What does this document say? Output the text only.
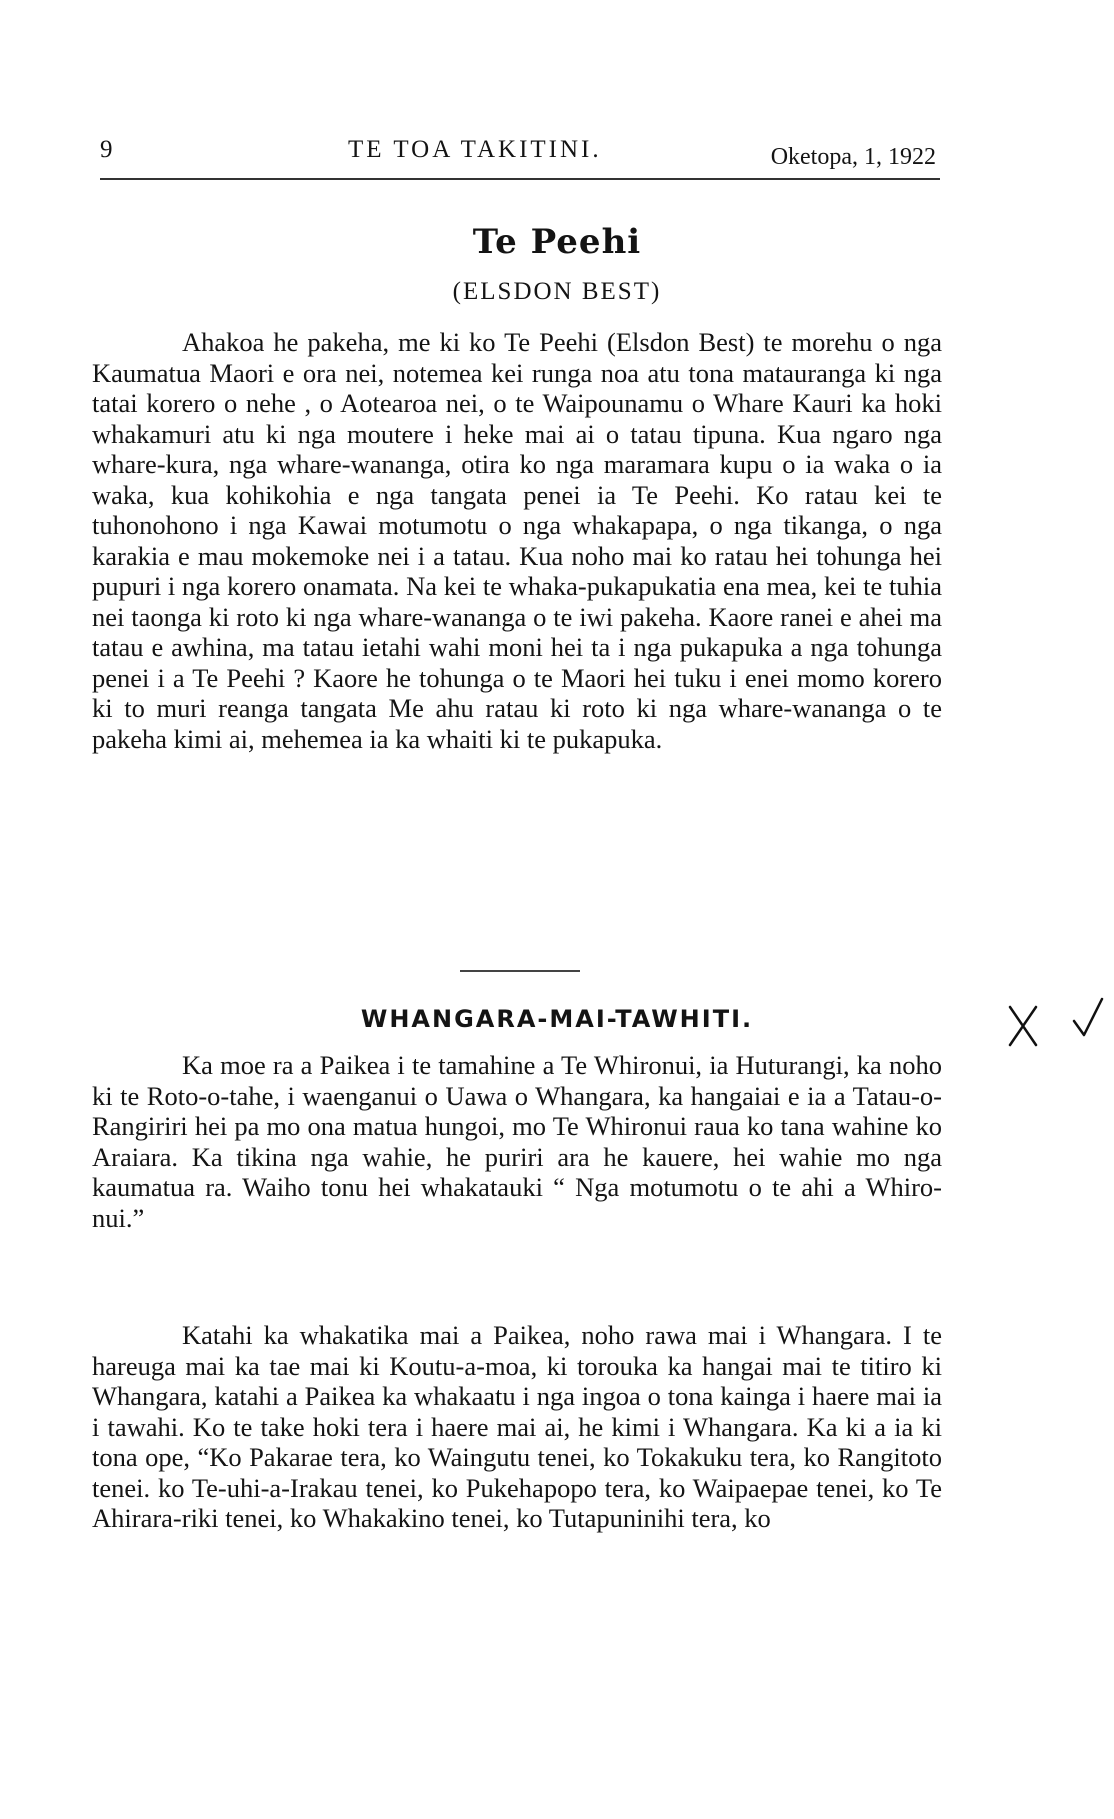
9	TE TOA TAKITINI.	Oketopa, 1, 1922
Te Peehi
(ELSDON BEST)

Ahakoa he pakeha, me ki ko Te Peehi (Elsdon Best) te morehu o nga Kaumatua Maori e ora nei, notemea kei runga noa atu tona matauranga ki nga tatai korero o nehe , o Aotearoa nei, o te Waipounamu o Whare Kauri ka hoki whakamuri atu ki nga moutere i heke mai ai o tatau tipuna. Kua ngaro nga whare-kura, nga whare-wananga, otira ko nga maramara kupu o ia waka o ia waka, kua kohikohia e nga tangata penei ia Te Peehi. Ko ratau kei te tuhonohono i nga Kawai motumotu o nga whakapapa, o nga tikanga, o nga karakia e mau mokemoke nei i a tatau. Kua noho mai ko ratau hei tohunga hei pupuri i nga korero onamata. Na kei te whaka-pukapukatia ena mea, kei te tuhia nei taonga ki roto ki nga whare-wananga o te iwi pakeha. Kaore ranei e ahei ma tatau e awhina, ma tatau ietahi wahi moni hei ta i nga pukapuka a nga tohunga penei i a Te Peehi ? Kaore he tohunga o te Maori hei tuku i enei momo korero ki to muri reanga tangata Me ahu ratau ki roto ki nga whare-wananga o te pakeha kimi ai, mehemea ia ka whaiti ki te pukapuka.

WHANGARA-MAI-TAWHITI.

Ka moe ra a Paikea i te tamahine a Te Whironui, ia Huturangi, ka noho ki te Roto-o-tahe, i waenganui o Uawa o Whangara, ka hangaiai e ia a Tatau-o-Rangiriri hei pa mo ona matua hungoi, mo Te Whironui raua ko tana wahine ko Araiara. Ka tikina nga wahie, he puriri ara he kauere, hei wahie mo nga kaumatua ra. Waiho tonu hei whakatauki “ Nga motumotu o te ahi a Whiro-nui.”

Katahi ka whakatika mai a Paikea, noho rawa mai i Whangara. I te hareuga mai ka tae mai ki Koutu-a-moa, ki torouka ka hangai mai te titiro ki Whangara, katahi a Paikea ka whakaatu i nga ingoa o tona kainga i haere mai ia i tawahi. Ko te take hoki tera i haere mai ai, he kimi i Whangara. Ka ki a ia ki tona ope, “Ko Pakarae tera, ko Waingutu tenei, ko Tokakuku tera, ko Rangitoto tenei. ko Te-uhi-a-Irakau tenei, ko Pukehapopo tera, ko Waipaepae tenei, ko Te Ahirara-riki tenei, ko Whakakino tenei, ko Tutapuninihi tera, ko
